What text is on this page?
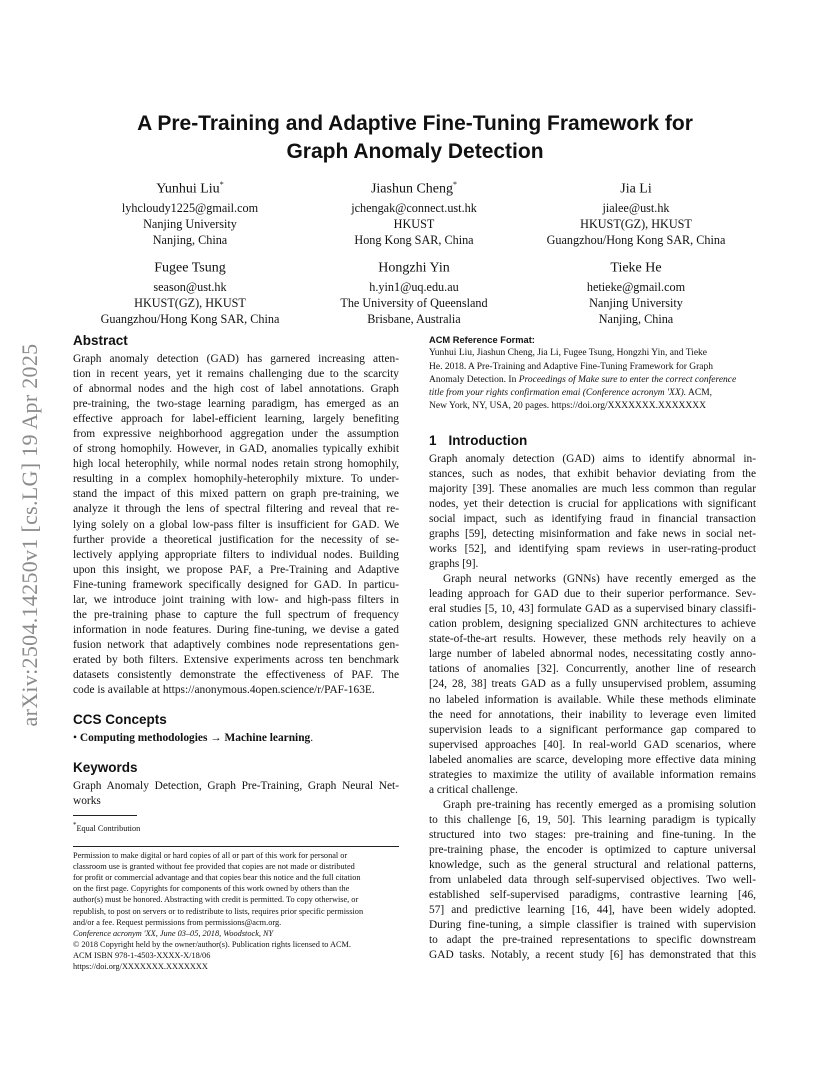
arXiv:2504.14250v1 [cs.LG] 19 Apr 2025
A Pre-Training and Adaptive Fine-Tuning Framework for
Graph Anomaly Detection
Yunhui Liu*
lyhcloudy1225@gmail.com
Nanjing University
Nanjing, China
Jiashun Cheng*
jchengak@connect.ust.hk
HKUST
Hong Kong SAR, China
Jia Li
jialee@ust.hk
HKUST(GZ), HKUST
Guangzhou/Hong Kong SAR, China
Fugee Tsung
season@ust.hk
HKUST(GZ), HKUST
Guangzhou/Hong Kong SAR, China
Hongzhi Yin
h.yin1@uq.edu.au
The University of Queensland
Brisbane, Australia
Tieke He
hetieke@gmail.com
Nanjing University
Nanjing, China
Abstract

Graph anomaly detection (GAD) has garnered increasing atten-
tion in recent years, yet it remains challenging due to the scarcity
of abnormal nodes and the high cost of label annotations. Graph
pre-training, the two-stage learning paradigm, has emerged as an
effective approach for label-efficient learning, largely benefiting
from expressive neighborhood aggregation under the assumption
of strong homophily. However, in GAD, anomalies typically exhibit
high local heterophily, while normal nodes retain strong homophily,
resulting in a complex homophily-heterophily mixture. To under-
stand the impact of this mixed pattern on graph pre-training, we
analyze it through the lens of spectral filtering and reveal that re-
lying solely on a global low-pass filter is insufficient for GAD. We
further provide a theoretical justification for the necessity of se-
lectively applying appropriate filters to individual nodes. Building
upon this insight, we propose PAF, a Pre-Training and Adaptive
Fine-tuning framework specifically designed for GAD. In particu-
lar, we introduce joint training with low- and high-pass filters in
the pre-training phase to capture the full spectrum of frequency
information in node features. During fine-tuning, we devise a gated
fusion network that adaptively combines node representations gen-
erated by both filters. Extensive experiments across ten benchmark
datasets consistently demonstrate the effectiveness of PAF. The
code is available at https://anonymous.4open.science/r/PAF-163E.

CCS Concepts

• Computing methodologies → Machine learning.

Keywords

Graph Anomaly Detection, Graph Pre-Training, Graph Neural Net-
works

*Equal Contribution
Permission to make digital or hard copies of all or part of this work for personal or
classroom use is granted without fee provided that copies are not made or distributed
for profit or commercial advantage and that copies bear this notice and the full citation
on the first page. Copyrights for components of this work owned by others than the
author(s) must be honored. Abstracting with credit is permitted. To copy otherwise, or
republish, to post on servers or to redistribute to lists, requires prior specific permission
and/or a fee. Request permissions from permissions@acm.org.
Conference acronym 'XX, June 03–05, 2018, Woodstock, NY
© 2018 Copyright held by the owner/author(s). Publication rights licensed to ACM.
ACM ISBN 978-1-4503-XXXX-X/18/06
https://doi.org/XXXXXXX.XXXXXXX
ACM Reference Format:
Yunhui Liu, Jiashun Cheng, Jia Li, Fugee Tsung, Hongzhi Yin, and Tieke
He. 2018. A Pre-Training and Adaptive Fine-Tuning Framework for Graph
Anomaly Detection. In Proceedings of Make sure to enter the correct conference
title from your rights confirmation emai (Conference acronym 'XX). ACM,
New York, NY, USA, 20 pages. https://doi.org/XXXXXXX.XXXXXXX
1 Introduction

Graph anomaly detection (GAD) aims to identify abnormal in-
stances, such as nodes, that exhibit behavior deviating from the
majority [39]. These anomalies are much less common than regular
nodes, yet their detection is crucial for applications with significant
social impact, such as identifying fraud in financial transaction
graphs [59], detecting misinformation and fake news in social net-
works [52], and identifying spam reviews in user-rating-product
graphs [9].

Graph neural networks (GNNs) have recently emerged as the
leading approach for GAD due to their superior performance. Sev-
eral studies [5, 10, 43] formulate GAD as a supervised binary classifi-
cation problem, designing specialized GNN architectures to achieve
state-of-the-art results. However, these methods rely heavily on a
large number of labeled abnormal nodes, necessitating costly anno-
tations of anomalies [32]. Concurrently, another line of research
[24, 28, 38] treats GAD as a fully unsupervised problem, assuming
no labeled information is available. While these methods eliminate
the need for annotations, their inability to leverage even limited
supervision leads to a significant performance gap compared to
supervised approaches [40]. In real-world GAD scenarios, where
labeled anomalies are scarce, developing more effective data mining
strategies to maximize the utility of available information remains
a critical challenge.

Graph pre-training has recently emerged as a promising solution
to this challenge [6, 19, 50]. This learning paradigm is typically
structured into two stages: pre-training and fine-tuning. In the
pre-training phase, the encoder is optimized to capture universal
knowledge, such as the general structural and relational patterns,
from unlabeled data through self-supervised objectives. Two well-
established self-supervised paradigms, contrastive learning [46,
57] and predictive learning [16, 44], have been widely adopted.
During fine-tuning, a simple classifier is trained with supervision
to adapt the pre-trained representations to specific downstream
GAD tasks. Notably, a recent study [6] has demonstrated that this
